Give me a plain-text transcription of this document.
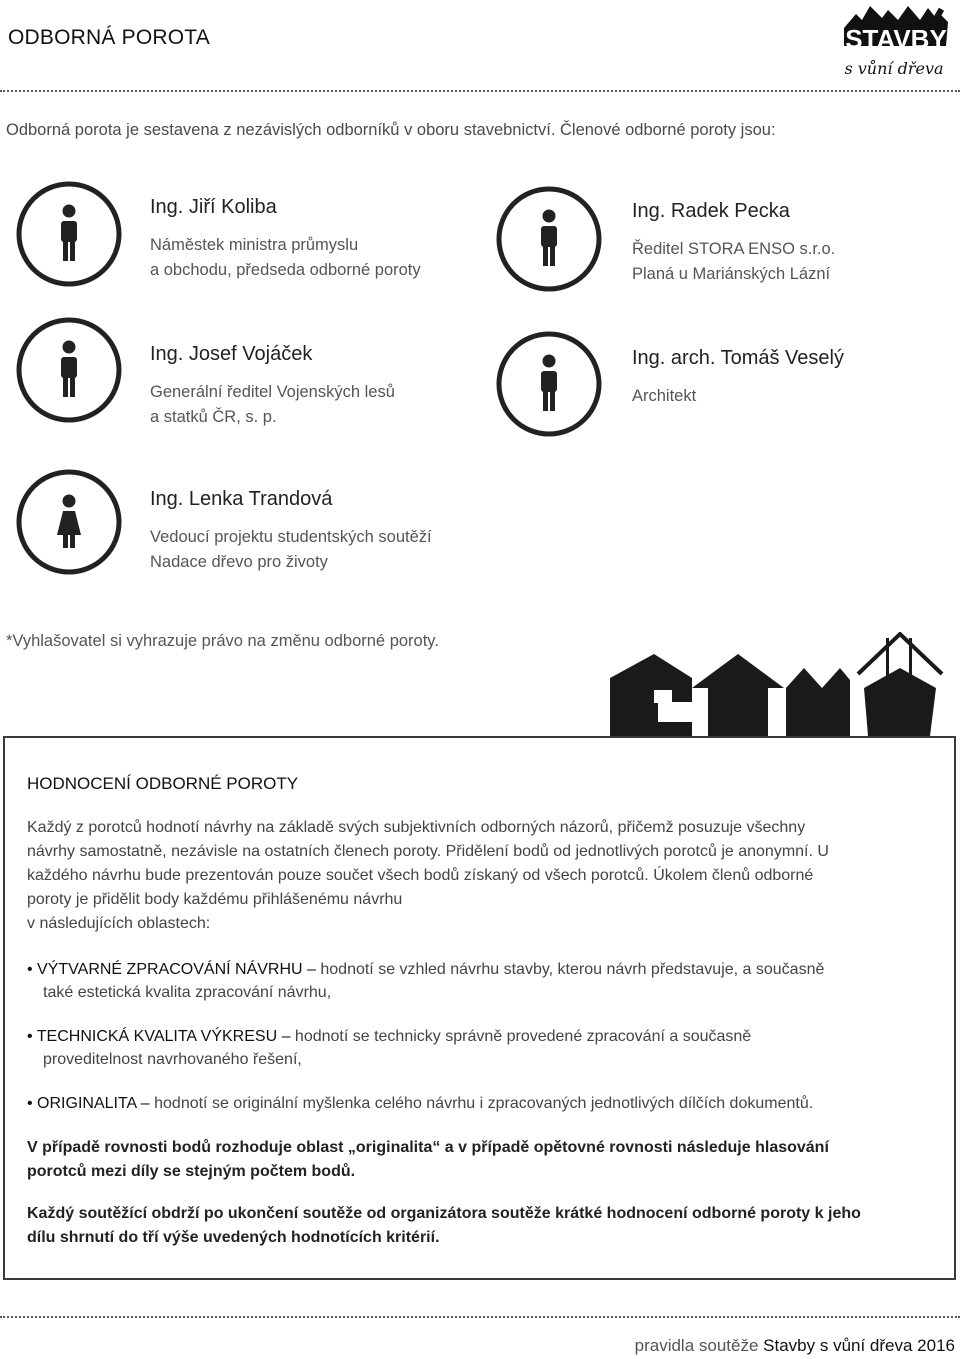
ODBORNÁ POROTA	STAVBY
s vůní dřeva
Odborná porota je sestavena z nezávislých odborníků v oboru stavebnictví. Členové odborné poroty jsou:
Ing. Jiří Koliba
Náměstek ministra průmyslu
a obchodu, předseda odborné poroty
Ing. Radek Pecka
Ředitel STORA ENSO s.r.o.
Planá u Mariánských Lázní
Ing. Josef Vojáček
Generální ředitel Vojenských lesů
a statků ČR, s. p.
Ing. arch. Tomáš Veselý
Architekt
Ing. Lenka Trandová
Vedoucí projektu studentských soutěží
Nadace dřevo pro životy
*Vyhlašovatel si vyhrazuje právo na změnu odborné poroty.
HODNOCENÍ ODBORNÉ POROTY
Každý z porotců hodnotí návrhy na základě svých subjektivních odborných názorů, přičemž posuzuje všechny
návrhy samostatně, nezávisle na ostatních členech poroty. Přidělení bodů od jednotlivých porotců je anonymní. U
každého návrhu bude prezentován pouze součet všech bodů získaný od všech porotců. Úkolem členů odborné
poroty je přidělit body každému přihlášenému návrhu
v následujících oblastech:
• VÝTVARNÉ ZPRACOVÁNÍ NÁVRHU – hodnotí se vzhled návrhu stavby, kterou návrh představuje, a současně
také estetická kvalita zpracování návrhu,
• TECHNICKÁ KVALITA VÝKRESU – hodnotí se technicky správně provedené zpracování a současně
proveditelnost navrhovaného řešení,
• ORIGINALITA – hodnotí se originální myšlenka celého návrhu i zpracovaných jednotlivých dílčích dokumentů.
V případě rovnosti bodů rozhoduje oblast „originalita“ a v případě opětovné rovnosti následuje hlasování
porotců mezi díly se stejným počtem bodů.
Každý soutěžící obdrží po ukončení soutěže od organizátora soutěže krátké hodnocení odborné poroty k jeho
dílu shrnutí do tří výše uvedených hodnotících kritérií.
pravidla soutěže Stavby s vůní dřeva 2016
